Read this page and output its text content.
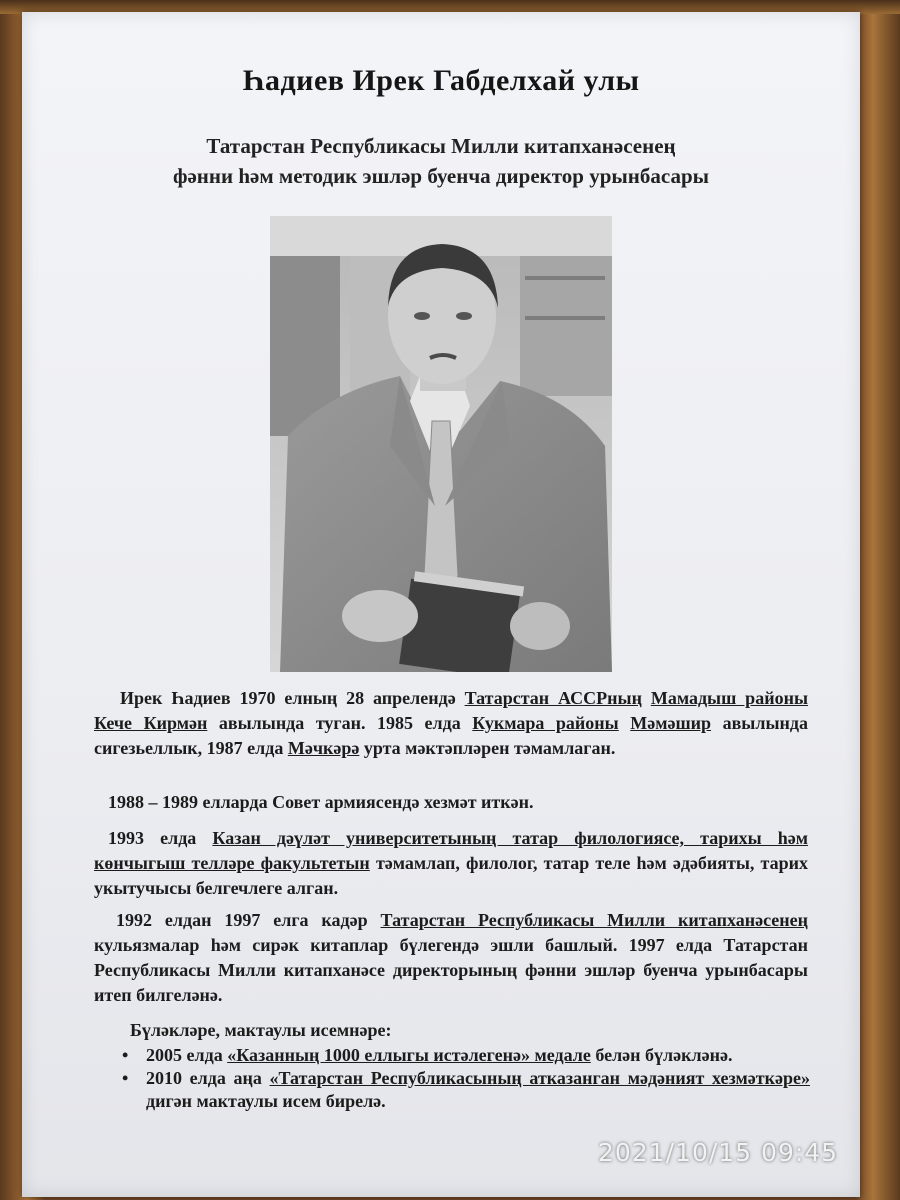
Һадиев Ирек Габделхай улы
Татарстан Республикасы Милли китапханәсенең
фәнни һәм методик эшләр буенча директор урынбасары
Ирек Һадиев 1970 елның 28 апрелендә Татарстан АССРның Мамадыш районы Кече Кирмән авылында туган. 1985 елда Кукмара районы Мәмәшир авылында сигезьеллык, 1987 елда Мәчкәрә урта мәктәпләрен тәмамлаган.
1988 – 1989 елларда Совет армиясендә хезмәт иткән.
1993 елда Казан дәүләт университетының татар филологиясе, тарихы һәм көнчыгыш телләре факультетын тәмамлап, филолог, татар теле һәм әдәбияты, тарих укытучысы белгечлеге алган.
1992 елдан 1997 елга кадәр Татарстан Республикасы Милли китапханәсенең кульязмалар һәм сирәк китаплар бүлегендә эшли башлый. 1997 елда Татарстан Республикасы Милли китапханәсе директорының фәнни эшләр буенча урынбасары итеп билгеләнә.
Бүләкләре, мактаулы исемнәре:
• 2005 елда «Казанның 1000 еллыгы истәлегенә» медале белән бүләкләнә.
• 2010 елда аңа «Татарстан Республикасының атказанган мәдәният хезмәткәре» дигән мактаулы исем бирелә.
2021/10/15 09:45
